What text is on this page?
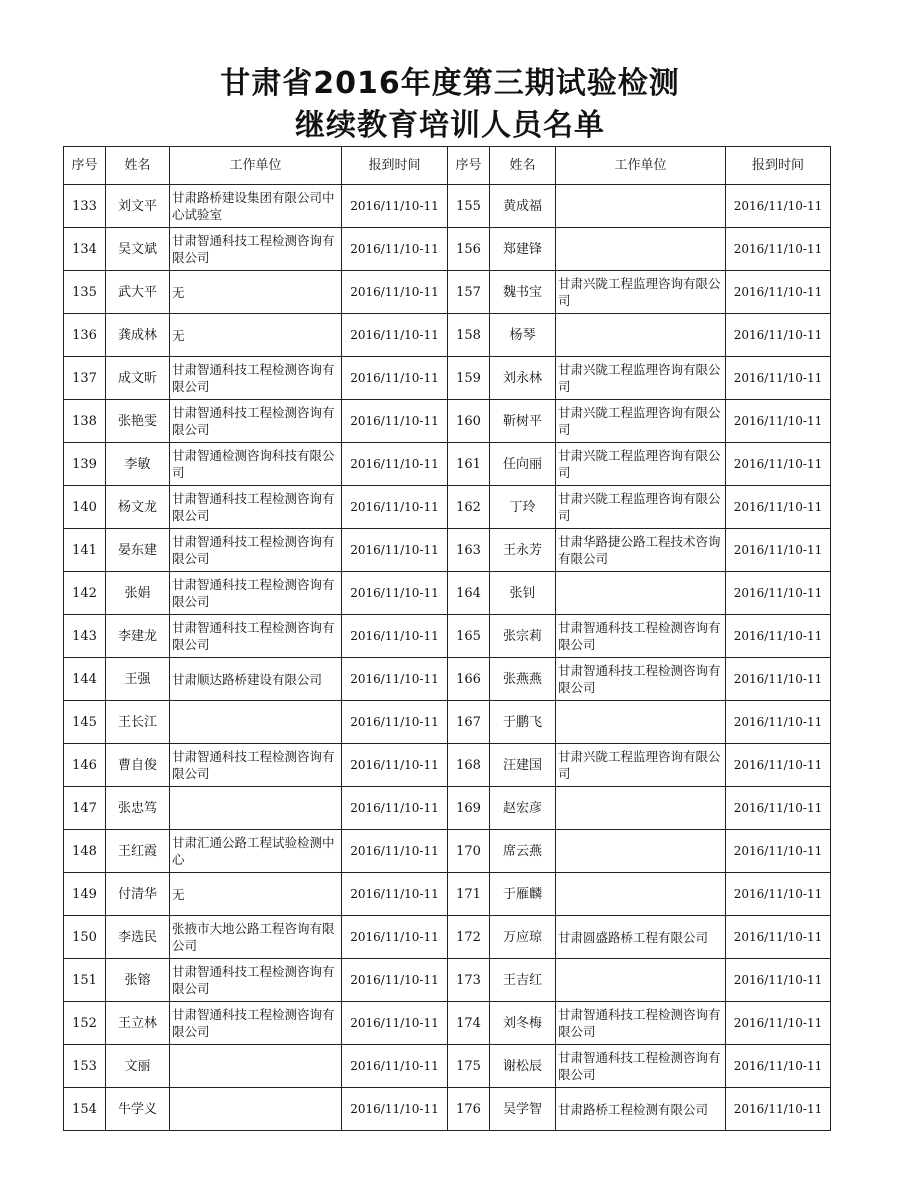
甘肃省2016年度第三期试验检测
继续教育培训人员名单
序号	姓名	工作单位	报到时间	序号	姓名	工作单位	报到时间
133	刘文平	甘肃路桥建设集团有限公司中心试验室	2016/11/10-11	155	黄成福		2016/11/10-11
134	吴文斌	甘肃智通科技工程检测咨询有限公司	2016/11/10-11	156	郑建锋		2016/11/10-11
135	武大平	无	2016/11/10-11	157	魏书宝	甘肃兴陇工程监理咨询有限公司	2016/11/10-11
136	龚成林	无	2016/11/10-11	158	杨琴		2016/11/10-11
137	成文昕	甘肃智通科技工程检测咨询有限公司	2016/11/10-11	159	刘永林	甘肃兴陇工程监理咨询有限公司	2016/11/10-11
138	张艳雯	甘肃智通科技工程检测咨询有限公司	2016/11/10-11	160	靳树平	甘肃兴陇工程监理咨询有限公司	2016/11/10-11
139	李敏	甘肃智通检测咨询科技有限公司	2016/11/10-11	161	任向丽	甘肃兴陇工程监理咨询有限公司	2016/11/10-11
140	杨文龙	甘肃智通科技工程检测咨询有限公司	2016/11/10-11	162	丁玲	甘肃兴陇工程监理咨询有限公司	2016/11/10-11
141	晏东建	甘肃智通科技工程检测咨询有限公司	2016/11/10-11	163	王永芳	甘肃华路捷公路工程技术咨询有限公司	2016/11/10-11
142	张娟	甘肃智通科技工程检测咨询有限公司	2016/11/10-11	164	张钊		2016/11/10-11
143	李建龙	甘肃智通科技工程检测咨询有限公司	2016/11/10-11	165	张宗莉	甘肃智通科技工程检测咨询有限公司	2016/11/10-11
144	王强	甘肃顺达路桥建设有限公司	2016/11/10-11	166	张燕燕	甘肃智通科技工程检测咨询有限公司	2016/11/10-11
145	王长江		2016/11/10-11	167	于鹏飞		2016/11/10-11
146	曹自俊	甘肃智通科技工程检测咨询有限公司	2016/11/10-11	168	汪建国	甘肃兴陇工程监理咨询有限公司	2016/11/10-11
147	张忠笃		2016/11/10-11	169	赵宏彦		2016/11/10-11
148	王红霞	甘肃汇通公路工程试验检测中心	2016/11/10-11	170	席云燕		2016/11/10-11
149	付清华	无	2016/11/10-11	171	于雁麟		2016/11/10-11
150	李选民	张掖市大地公路工程咨询有限公司	2016/11/10-11	172	万应琼	甘肃圆盛路桥工程有限公司	2016/11/10-11
151	张镕	甘肃智通科技工程检测咨询有限公司	2016/11/10-11	173	王吉红		2016/11/10-11
152	王立林	甘肃智通科技工程检测咨询有限公司	2016/11/10-11	174	刘冬梅	甘肃智通科技工程检测咨询有限公司	2016/11/10-11
153	文丽		2016/11/10-11	175	谢松辰	甘肃智通科技工程检测咨询有限公司	2016/11/10-11
154	牛学义		2016/11/10-11	176	吴学智	甘肃路桥工程检测有限公司	2016/11/10-11
